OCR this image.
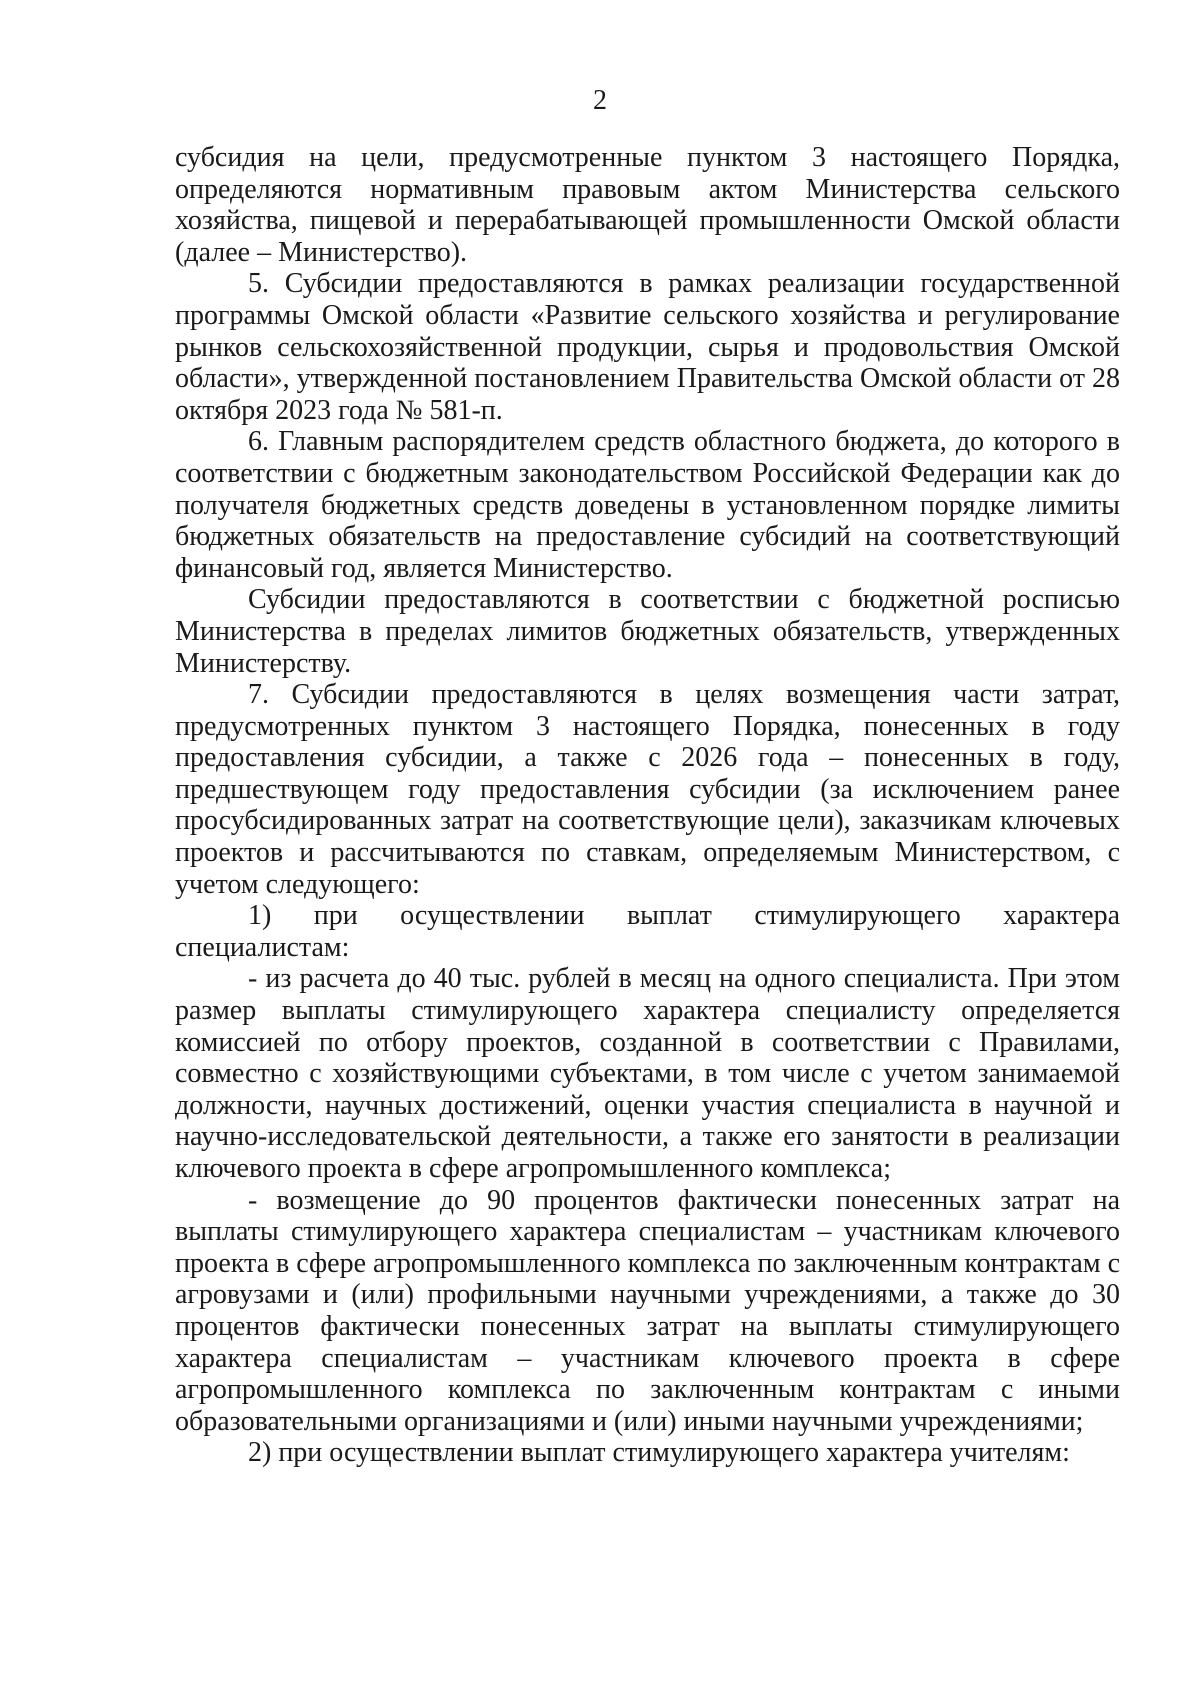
2

субсидия на цели, предусмотренные пунктом 3 настоящего Порядка, определяются нормативным правовым актом Министерства сельского хозяйства, пищевой и перерабатывающей промышленности Омской области (далее – Министерство).

5. Субсидии предоставляются в рамках реализации государственной программы Омской области «Развитие сельского хозяйства и регулирование рынков сельскохозяйственной продукции, сырья и продовольствия Омской области», утвержденной постановлением Правительства Омской области от 28 октября 2023 года № 581-п.

6. Главным распорядителем средств областного бюджета, до которого в соответствии с бюджетным законодательством Российской Федерации как до получателя бюджетных средств доведены в установленном порядке лимиты бюджетных обязательств на предоставление субсидий на соответствующий финансовый год, является Министерство.

Субсидии предоставляются в соответствии с бюджетной росписью Министерства в пределах лимитов бюджетных обязательств, утвержденных Министерству.

7. Субсидии предоставляются в целях возмещения части затрат, предусмотренных пунктом 3 настоящего Порядка, понесенных в году предоставления субсидии, а также с 2026 года – понесенных в году, предшествующем году предоставления субсидии (за исключением ранее просубсидированных затрат на соответствующие цели), заказчикам ключевых проектов и рассчитываются по ставкам, определяемым Министерством, с учетом следующего:

1) при осуществлении выплат стимулирующего характера специалистам:

- из расчета до 40 тыс. рублей в месяц на одного специалиста. При этом размер выплаты стимулирующего характера специалисту определяется комиссией по отбору проектов, созданной в соответствии с Правилами, совместно с хозяйствующими субъектами, в том числе с учетом занимаемой должности, научных достижений, оценки участия специалиста в научной и научно-исследовательской деятельности, а также его занятости в реализации ключевого проекта в сфере агропромышленного комплекса;

- возмещение до 90 процентов фактически понесенных затрат на выплаты стимулирующего характера специалистам – участникам ключевого проекта в сфере агропромышленного комплекса по заключенным контрактам с агровузами и (или) профильными научными учреждениями, а также до 30 процентов фактически понесенных затрат на выплаты стимулирующего характера специалистам – участникам ключевого проекта в сфере агропромышленного комплекса по заключенным контрактам с иными образовательными организациями и (или) иными научными учреждениями;

2) при осуществлении выплат стимулирующего характера учителям:
